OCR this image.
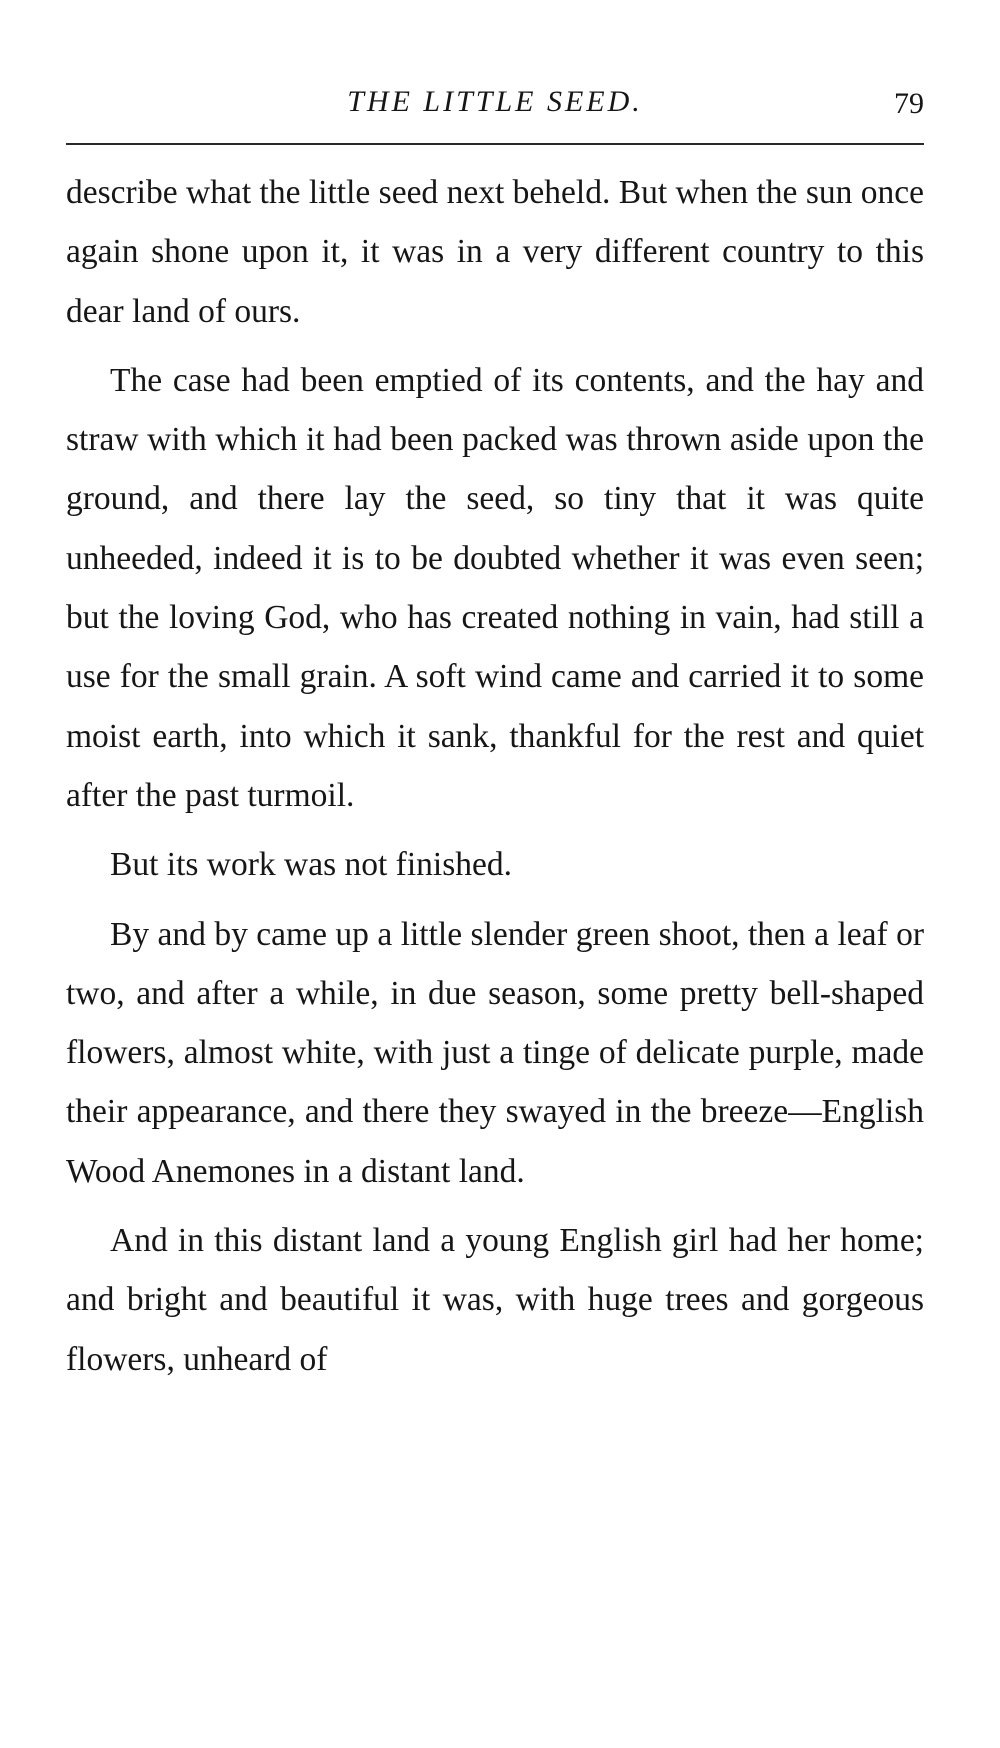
THE LITTLE SEED.	79

describe what the little seed next beheld. But when the sun once again shone upon it, it was in a very different country to this dear land of ours.

The case had been emptied of its contents, and the hay and straw with which it had been packed was thrown aside upon the ground, and there lay the seed, so tiny that it was quite unheeded, indeed it is to be doubted whether it was even seen; but the loving God, who has created nothing in vain, had still a use for the small grain. A soft wind came and carried it to some moist earth, into which it sank, thankful for the rest and quiet after the past turmoil.

But its work was not finished.

By and by came up a little slender green shoot, then a leaf or two, and after a while, in due season, some pretty bell-shaped flowers, almost white, with just a tinge of delicate purple, made their appearance, and there they swayed in the breeze—English Wood Anemones in a distant land.

And in this distant land a young English girl had her home; and bright and beautiful it was, with huge trees and gorgeous flowers, unheard of
